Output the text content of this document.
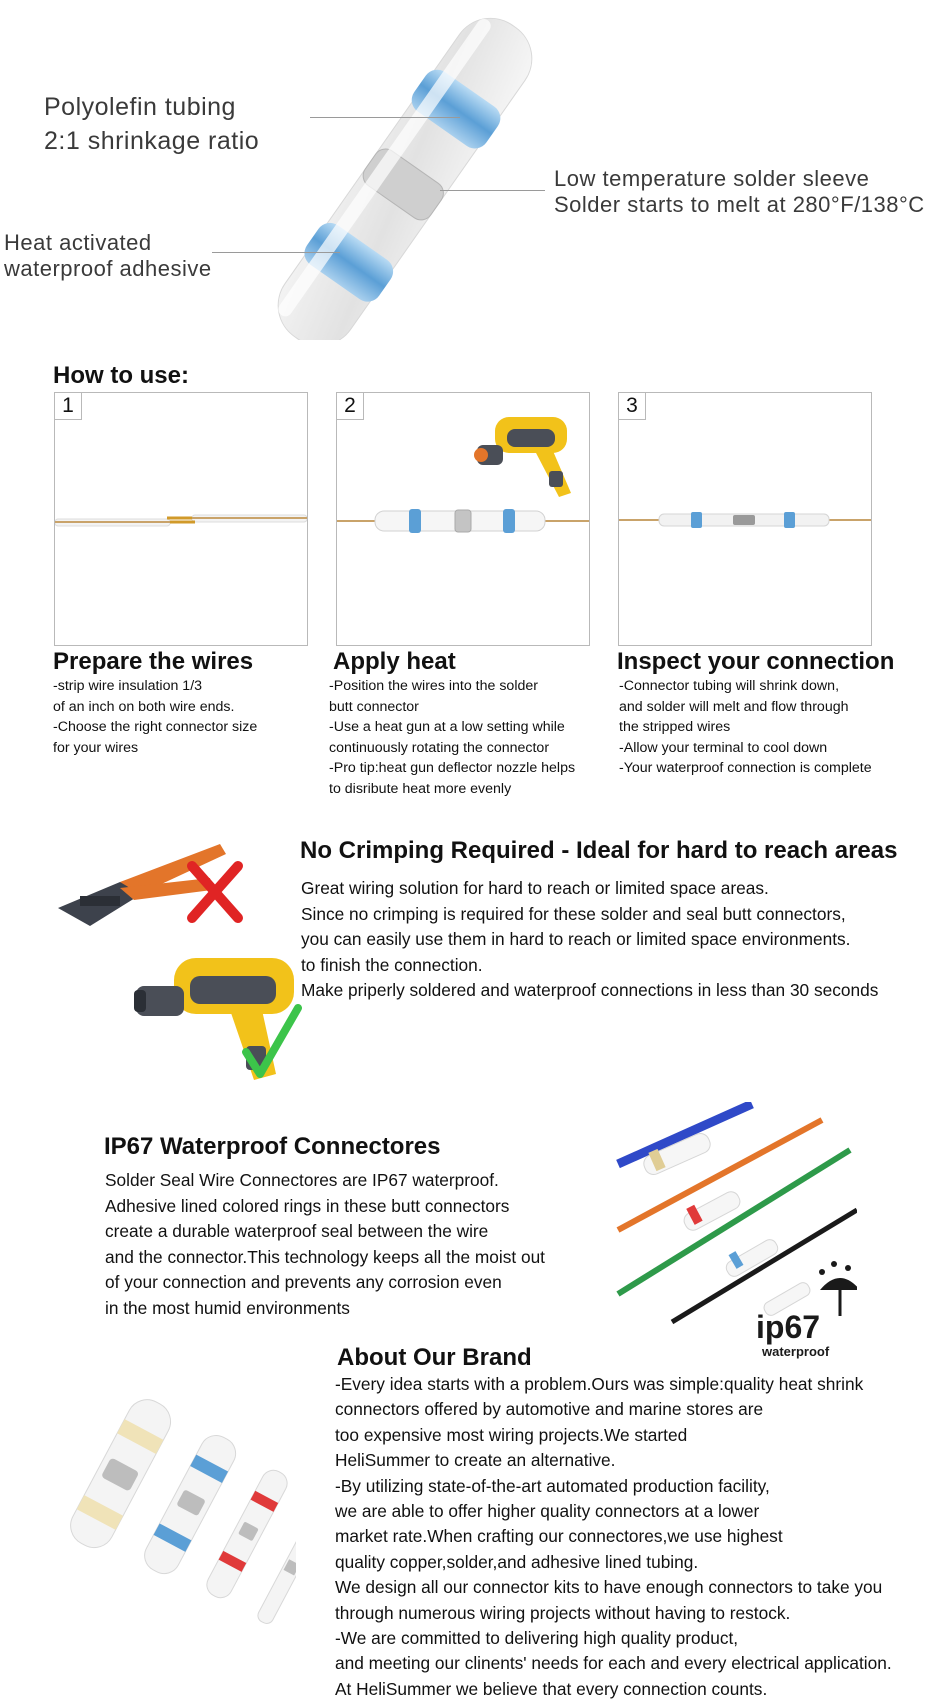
Polyolefin tubing
2:1 shrinkage ratio
Low temperature solder sleeve
Solder starts to melt at 280°F/138°C
Heat activated
waterproof adhesive
How to use:
1	2	3
Prepare the wires
-strip wire insulation 1/3
of an inch on both wire ends.
-Choose the right connector size
for your wires
Apply heat
-Position the wires into the solder
butt connector
-Use a heat gun at a low setting while
continuously rotating the connector
-Pro tip:heat gun deflector nozzle helps
to disribute heat more evenly
Inspect your connection
-Connector tubing will shrink down,
and solder will melt and flow through
the stripped wires
-Allow your terminal to cool down
-Your waterproof connection is complete
No Crimping Required - Ideal for hard to reach areas
Great wiring solution for hard to reach or limited space areas.
Since no crimping is required for these solder and seal butt connectors,
you can easily use them in hard to reach or limited space environments.
to finish the connection.
Make priperly soldered and waterproof connections in less than 30 seconds
IP67 Waterproof Connectores
Solder Seal Wire Connectores are IP67 waterproof.
Adhesive lined colored rings in these butt connectors
create a durable waterproof seal between the wire
and the connector.This technology keeps all the moist out
of your connection and prevents any corrosion even
in the most humid environments
ip67
waterproof
About Our Brand
-Every idea starts with a problem.Ours was simple:quality heat shrink
connectors offered by automotive and marine stores are
too expensive most wiring projects.We started
HeliSummer to create an alternative.
-By utilizing state-of-the-art automated production facility,
we are able to offer higher quality connectors at a lower
market rate.When crafting our connectores,we use highest
quality copper,solder,and adhesive lined tubing.
We design all our connector kits to have enough connectors to take you
through numerous wiring projects without having to restock.
-We are committed to delivering high quality product,
and meeting our clinents' needs for each and every electrical application.
At HeliSummer we believe that every connection counts.
